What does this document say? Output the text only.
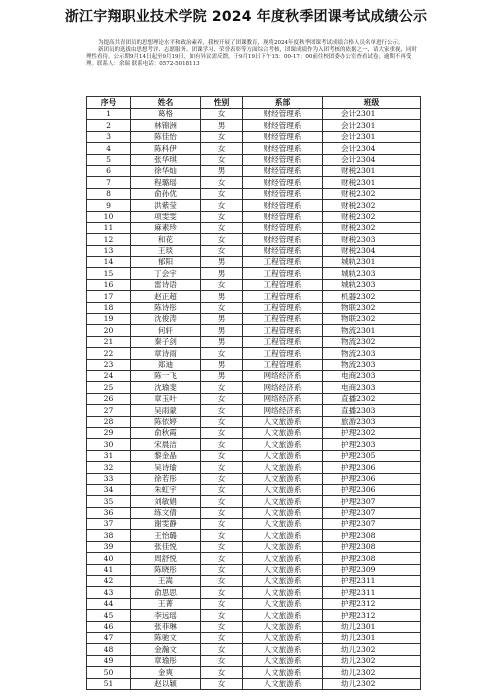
浙江宇翔职业技术学院 2024 年度秋季团课考试成绩公示

为提高共青团员的思想理论水平和政治素养，我校开展了团课教育，现将2024年度秋季团课考试成绩合格人员名单进行公示。

新团员的选拔由思想考评、志愿服务、团课学习、荣誉表彰等方面综合考核，团课成绩作为入团考核的依据之一，请大家重视，同时理性看待。公示期9月14日起至9月19日，如有异议需反馈，于9月19日下午15：00-17：00前往校团委办公室查看试卷，逾期不再受理。联系人：余瑞 联系电话：0572-5018113

序号	姓名	性别	系部	班级
1	葛格	女	财经管理系	会计2301
2	林锦洲	男	财经管理系	会计2301
3	陈佳怡	女	财经管理系	会计2301
4	陈科伊	女	财经管理系	会计2304
5	张华琪	女	财经管理系	会计2304
6	徐华灿	男	财经管理系	财税2301
7	程璐瑶	女	财经管理系	财税2301
8	俞孙优	女	财经管理系	财税2302
9	洪紫莹	女	财经管理系	财税2302
10	项雯雯	女	财经管理系	财税2302
11	麻素珍	女	财经管理系	财税2302
12	和花	女	财经管理系	财税2303
13	王琰	女	财经管理系	财税2304
14	郁阳	男	工程管理系	城轨2301
15	丁会宇	男	工程管理系	城轨2303
16	雷诗语	女	工程管理系	城轨2303
17	赵正超	男	工程管理系	机器2302
18	陈诗彤	女	工程管理系	物联2302
19	沈俊涛	男	工程管理系	物联2302
20	何轩	男	工程管理系	物流2301
21	秦子剑	男	工程管理系	物流2302
22	章诗雨	女	工程管理系	物流2303
23	郑迪	男	工程管理系	物流2303
24	陈一飞	男	网络经济系	电商2303
25	沈瑜斐	女	网络经济系	电商2303
26	章玉叶	女	网络经济系	直播2302
27	吴雨蒙	女	网络经济系	直播2303
28	陈依婷	女	人文旅游系	旅游2303
29	俞秋霞	女	人文旅游系	护理2302
30	宋晨洁	女	人文旅游系	护理2303
31	黎金晶	女	人文旅游系	护理2305
32	吴诗瑜	女	人文旅游系	护理2306
33	徐若彤	女	人文旅游系	护理2306
34	朱虹宇	女	人文旅游系	护理2306
35	刘敏娟	女	人文旅游系	护理2307
36	练文倩	女	人文旅游系	护理2307
37	谢雯静	女	人文旅游系	护理2307
38	王怡璐	女	人文旅游系	护理2308
39	张佳悦	女	人文旅游系	护理2308
40	周舒悦	女	人文旅游系	护理2308
41	陈晓彤	女	人文旅游系	护理2309
42	王嵩	女	人文旅游系	护理2311
43	俞思思	女	人文旅游系	护理2311
44	王菁	女	人文旅游系	护理2312
45	李远瑶	女	人文旅游系	护理2312
46	张菲琳	女	人文旅游系	幼儿2301
47	陈驰文	女	人文旅游系	幼儿2301
48	金瀚文	女	人文旅游系	幼儿2302
49	章瑜彤	女	人文旅游系	幼儿2302
50	金爽	女	人文旅游系	幼儿2302
51	赵以颖	女	人文旅游系	幼儿2302
